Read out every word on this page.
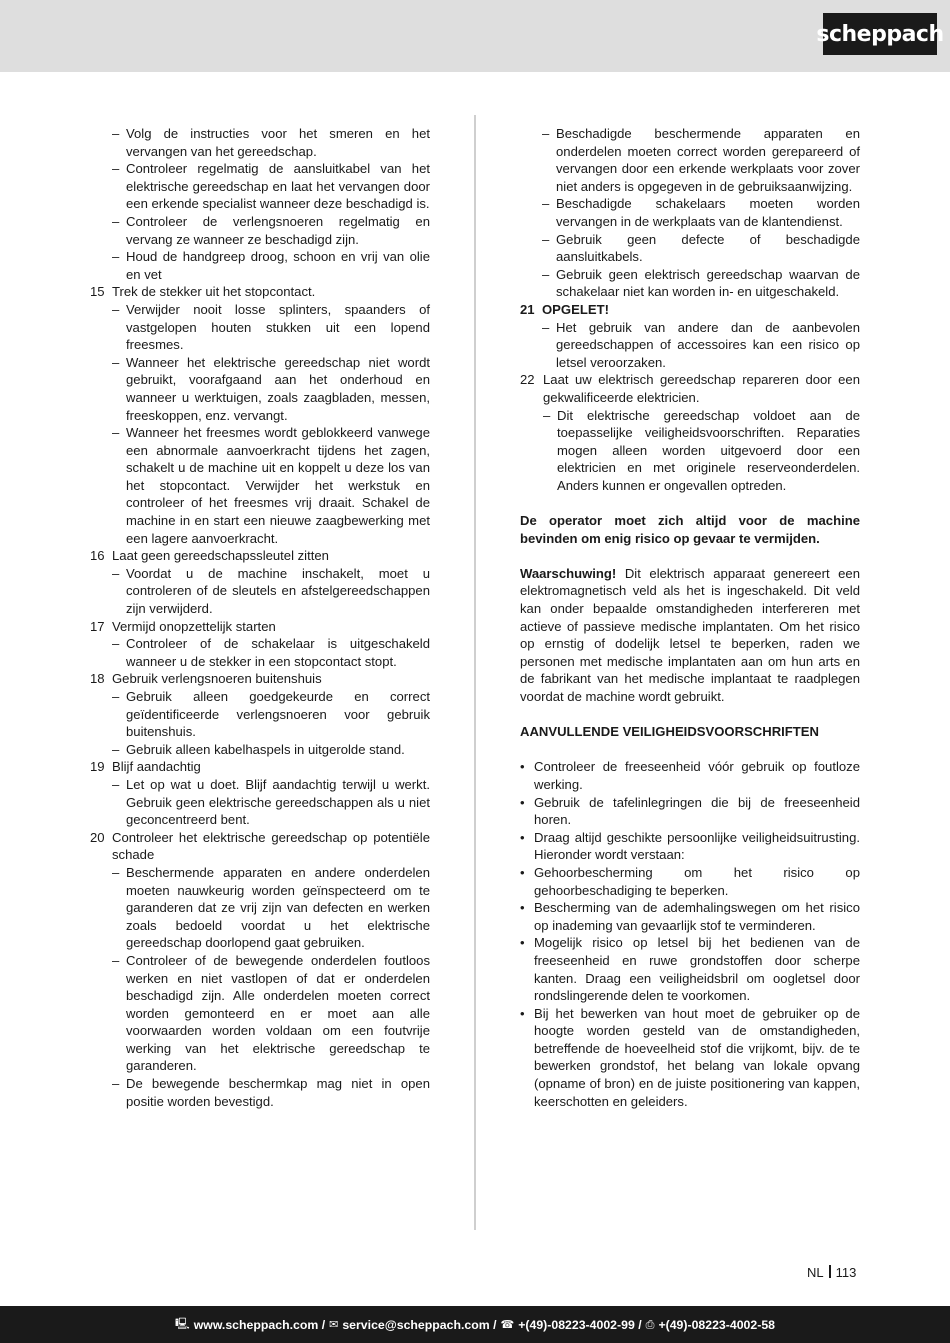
scheppach
– Volg de instructies voor het smeren en het vervangen van het gereedschap.
– Controleer regelmatig de aansluitkabel van het elektrische gereedschap en laat het vervangen door een erkende specialist wanneer deze beschadigd is.
– Controleer de verlengsnoeren regelmatig en vervang ze wanneer ze beschadigd zijn.
– Houd de handgreep droog, schoon en vrij van olie en vet
15 Trek de stekker uit het stopcontact.
– Verwijder nooit losse splinters, spaanders of vastgelopen houten stukken uit een lopend freesmes.
– Wanneer het elektrische gereedschap niet wordt gebruikt, voorafgaand aan het onderhoud en wanneer u werktuigen, zoals zaagbladen, messen, freeskoppen, enz. vervangt.
– Wanneer het freesmes wordt geblokkeerd vanwege een abnormale aanvoerkracht tijdens het zagen, schakelt u de machine uit en koppelt u deze los van het stopcontact. Verwijder het werkstuk en controleer of het freesmes vrij draait. Schakel de machine in en start een nieuwe zaagbewerking met een lagere aanvoerkracht.
16 Laat geen gereedschapssleutel zitten
– Voordat u de machine inschakelt, moet u controleren of de sleutels en afstelgereedschappen zijn verwijderd.
17 Vermijd onopzettelijk starten
– Controleer of de schakelaar is uitgeschakeld wanneer u de stekker in een stopcontact stopt.
18 Gebruik verlengsnoeren buitenshuis
– Gebruik alleen goedgekeurde en correct geïdentificeerde verlengsnoeren voor gebruik buitenshuis.
– Gebruik alleen kabelhaspels in uitgerolde stand.
19 Blijf aandachtig
– Let op wat u doet. Blijf aandachtig terwijl u werkt. Gebruik geen elektrische gereedschappen als u niet geconcentreerd bent.
20 Controleer het elektrische gereedschap op potentiële schade
– Beschermende apparaten en andere onderdelen moeten nauwkeurig worden geïnspecteerd om te garanderen dat ze vrij zijn van defecten en werken zoals bedoeld voordat u het elektrische gereedschap doorlopend gaat gebruiken.
– Controleer of de bewegende onderdelen foutloos werken en niet vastlopen of dat er onderdelen beschadigd zijn. Alle onderdelen moeten correct worden gemonteerd en er moet aan alle voorwaarden worden voldaan om een foutvrije werking van het elektrische gereedschap te garanderen.
– De bewegende beschermkap mag niet in open positie worden bevestigd.
– Beschadigde beschermende apparaten en onderdelen moeten correct worden gerepareerd of vervangen door een erkende werkplaats voor zover niet anders is opgegeven in de gebruiksaanwijzing.
– Beschadigde schakelaars moeten worden vervangen in de werkplaats van de klantendienst.
– Gebruik geen defecte of beschadigde aansluitkabels.
– Gebruik geen elektrisch gereedschap waarvan de schakelaar niet kan worden in- en uitgeschakeld.
21 OPGELET!
– Het gebruik van andere dan de aanbevolen gereedschappen of accessoires kan een risico op letsel veroorzaken.
22 Laat uw elektrisch gereedschap repareren door een gekwalificeerde elektricien.
– Dit elektrische gereedschap voldoet aan de toepasselijke veiligheidsvoorschriften. Reparaties mogen alleen worden uitgevoerd door een elektricien en met originele reserveonderdelen. Anders kunnen er ongevallen optreden.
De operator moet zich altijd voor de machine bevinden om enig risico op gevaar te vermijden.
Waarschuwing! Dit elektrisch apparaat genereert een elektromagnetisch veld als het is ingeschakeld. Dit veld kan onder bepaalde omstandigheden interfereren met actieve of passieve medische implantaten. Om het risico op ernstig of dodelijk letsel te beperken, raden we personen met medische implantaten aan om hun arts en de fabrikant van het medische implantaat te raadplegen voordat de machine wordt gebruikt.
AANVULLENDE VEILIGHEIDSVOORSCHRIFTEN
• Controleer de freeseenheid vóór gebruik op foutloze werking.
• Gebruik de tafelinlegringen die bij de freeseenheid horen.
• Draag altijd geschikte persoonlijke veiligheidsuitrusting. Hieronder wordt verstaan:
• Gehoorbescherming om het risico op gehoorbeschadiging te beperken.
• Bescherming van de ademhalingswegen om het risico op inademing van gevaarlijk stof te verminderen.
• Mogelijk risico op letsel bij het bedienen van de freeseenheid en ruwe grondstoffen door scherpe kanten. Draag een veiligheidsbril om oogletsel door rondslingerende delen te voorkomen.
• Bij het bewerken van hout moet de gebruiker op de hoogte worden gesteld van de omstandigheden, betreffende de hoeveelheid stof die vrijkomt, bijv. de te bewerken grondstof, het belang van lokale opvang (opname of bron) en de juiste positionering van kappen, keerschotten en geleiders.
NL 113
🖳 www.scheppach.com / ✉ service@scheppach.com / ☎ +(49)-08223-4002-99 / ⎙ +(49)-08223-4002-58
